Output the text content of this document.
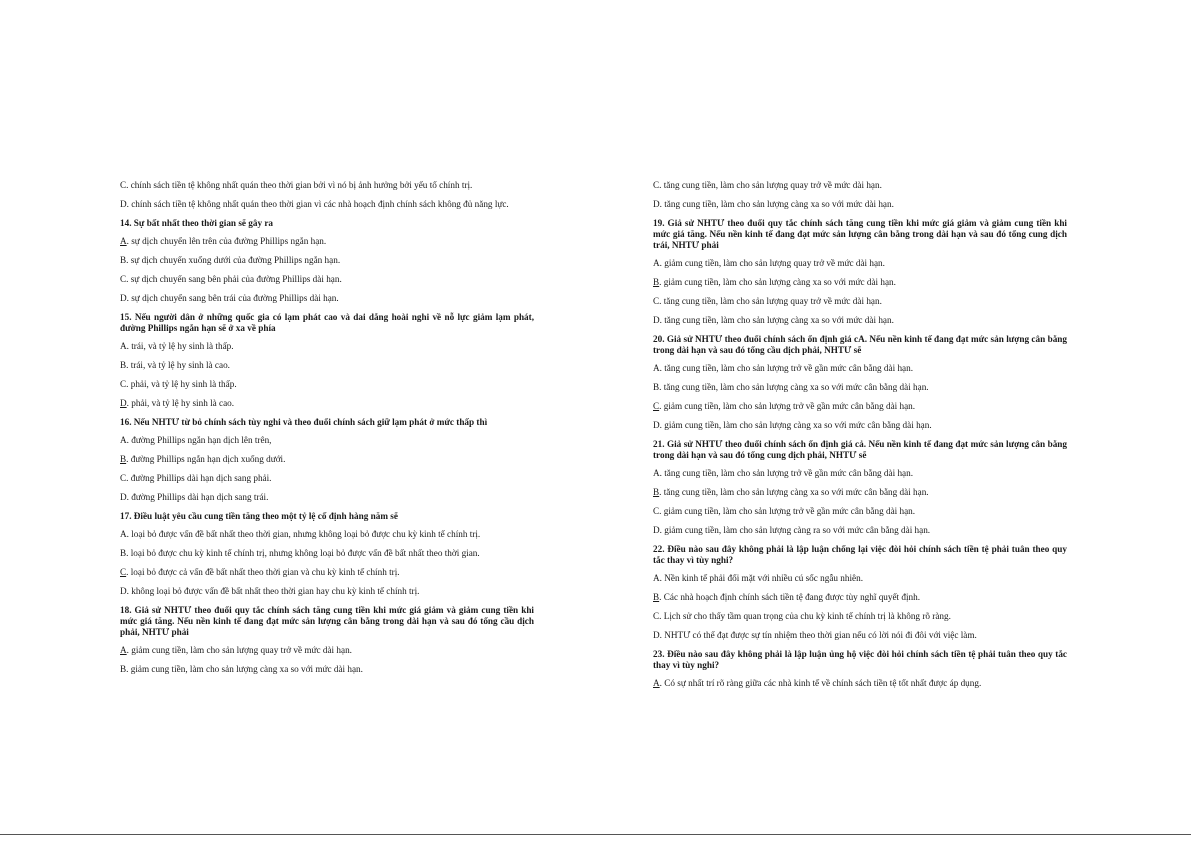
C. chính sách tiền tệ không nhất quán theo thời gian bởi vì nó bị ảnh hưởng bởi yếu tố chính trị.
D. chính sách tiền tệ không nhất quán theo thời gian vì các nhà hoạch định chính sách không đủ năng lực.
14. Sự bất nhất theo thời gian sẽ gây ra
A. sự dịch chuyển lên trên của đường Phillips ngắn hạn.
B. sự dịch chuyển xuống dưới của đường Phillips ngắn hạn.
C. sự dịch chuyển sang bên phải của đường Phillips dài hạn.
D. sự dịch chuyển sang bên trái của đường Phillips dài hạn.
15. Nếu người dân ở những quốc gia có lạm phát cao và dai dẳng hoài nghi về nỗ lực giảm lạm phát, đường Phillips ngắn hạn sẽ ở xa về phía
A. trái, và tỷ lệ hy sinh là thấp.
B. trái, và tỷ lệ hy sinh là cao.
C. phải, và tỷ lệ hy sinh là thấp.
D. phải, và tỷ lệ hy sinh là cao.
16. Nếu NHTƯ từ bỏ chính sách tùy nghi và theo đuổi chính sách giữ lạm phát ở mức thấp thì
A. đường Phillips ngắn hạn dịch lên trên,
B. đường Phillips ngắn hạn dịch xuống dưới.
C. đường Phillips dài hạn dịch sang phải.
D. đường Phillips dài hạn dịch sang trái.
17. Điều luật yêu cầu cung tiền tăng theo một tỷ lệ cố định hàng năm sẽ
A. loại bỏ được vấn đề bất nhất theo thời gian, nhưng không loại bỏ được chu kỳ kinh tế chính trị.
B. loại bỏ được chu kỳ kinh tế chính trị, nhưng không loại bỏ được vấn đề bất nhất theo thời gian.
C. loại bỏ được cả vấn đề bất nhất theo thời gian và chu kỳ kinh tế chính trị.
D. không loại bỏ được vấn đề bất nhất theo thời gian hay chu kỳ kinh tế chính trị.
18. Giả sử NHTƯ theo đuổi quy tắc chính sách tăng cung tiền khi mức giá giảm và giảm cung tiền khi mức giá tăng. Nếu nền kinh tế đang đạt mức sản lượng cân bằng trong dài hạn và sau đó tổng cầu dịch phải, NHTƯ phải
A. giảm cung tiền, làm cho sản lượng quay trở về mức dài hạn.
B. giảm cung tiền, làm cho sản lượng càng xa so với mức dài hạn.
C. tăng cung tiền, làm cho sản lượng quay trở về mức dài hạn.
D. tăng cung tiền, làm cho sản lượng càng xa so với mức dài hạn.
19. Giả sử NHTƯ theo đuổi quy tắc chính sách tăng cung tiền khi mức giá giảm và giảm cung tiền khi mức giá tăng. Nếu nền kinh tế đang đạt mức sản lượng cân bằng trong dài hạn và sau đó tổng cung dịch trái, NHTƯ phải
A. giảm cung tiền, làm cho sản lượng quay trở về mức dài hạn.
B. giảm cung tiền, làm cho sản lượng càng xa so với mức dài hạn.
C. tăng cung tiền, làm cho sản lượng quay trở về mức dài hạn.
D. tăng cung tiền, làm cho sản lượng càng xa so với mức dài hạn.
20. Giả sử NHTƯ theo đuổi chính sách ổn định giá cA. Nếu nền kinh tế đang đạt mức sản lượng cân bằng trong dài hạn và sau đó tổng cầu dịch phải, NHTƯ sẽ
A. tăng cung tiền, làm cho sản lượng trở về gần mức cân bằng dài hạn.
B. tăng cung tiền, làm cho sản lượng càng xa so với mức cân bằng dài hạn.
C. giảm cung tiền, làm cho sản lượng trở về gần mức cân bằng dài hạn.
D. giảm cung tiền, làm cho sản lượng càng xa so với mức cân bằng dài hạn.
21. Giả sử NHTƯ theo đuổi chính sách ổn định giá cả. Nếu nền kinh tế đang đạt mức sản lượng cân bằng trong dài hạn và sau đó tổng cung dịch phải, NHTƯ sẽ
A. tăng cung tiền, làm cho sản lượng trở về gần mức cân bằng dài hạn.
B. tăng cung tiền, làm cho sản lượng càng xa so với mức cân bằng dài hạn.
C. giảm cung tiền, làm cho sản lượng trở về gần mức cân bằng dài hạn.
D. giảm cung tiền, làm cho sản lượng càng ra so với mức cân bằng dài hạn.
22. Điều nào sau đây không phải là lập luận chống lại việc đòi hỏi chính sách tiền tệ phải tuân theo quy tắc thay vì tùy nghi?
A. Nền kinh tế phải đối mặt với nhiều cú sốc ngẫu nhiên.
B. Các nhà hoạch định chính sách tiền tệ đang được tùy nghĩ quyết định.
C. Lịch sử cho thấy tầm quan trọng của chu kỳ kinh tế chính trị là không rõ ràng.
D. NHTƯ có thể đạt được sự tín nhiệm theo thời gian nếu có lời nói đi đôi với việc làm.
23. Điều nào sau đây không phải là lập luận ủng hộ việc đòi hỏi chính sách tiền tệ phải tuân theo quy tắc thay vì tùy nghi?
A. Có sự nhất trí rõ ràng giữa các nhà kinh tế về chính sách tiền tệ tốt nhất được áp dụng.
